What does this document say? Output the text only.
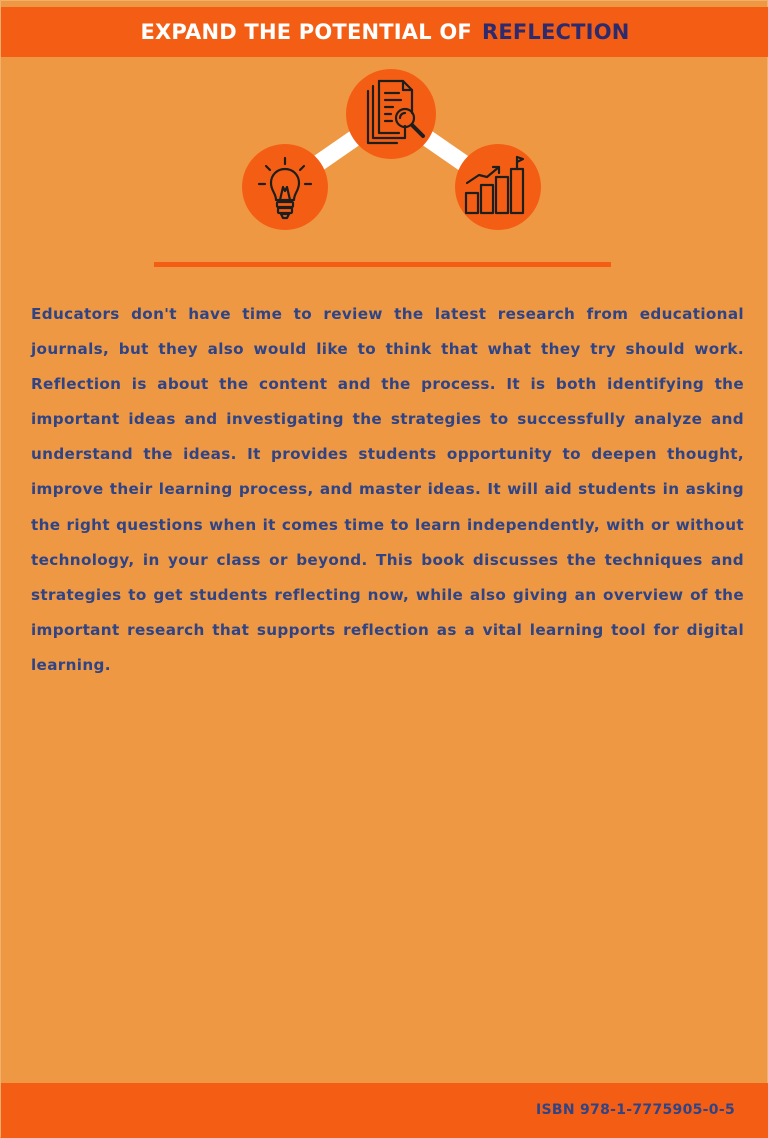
EXPAND THE POTENTIAL OF REFLECTION

Educators don't have time to review the latest research from educational journals, but they also would like to think that what they try should work. Reflection is about the content and the process. It is both identifying the important ideas and investigating the strategies to successfully analyze and understand the ideas. It provides students opportunity to deepen thought, improve their learning process, and master ideas. It will aid students in asking the right questions when it comes time to learn independently, with or without technology, in your class or beyond. This book discusses the techniques and strategies to get students reflecting now, while also giving an overview of the important research that supports reflection as a vital learning tool for digital learning.

ISBN 978-1-7775905-0-5
